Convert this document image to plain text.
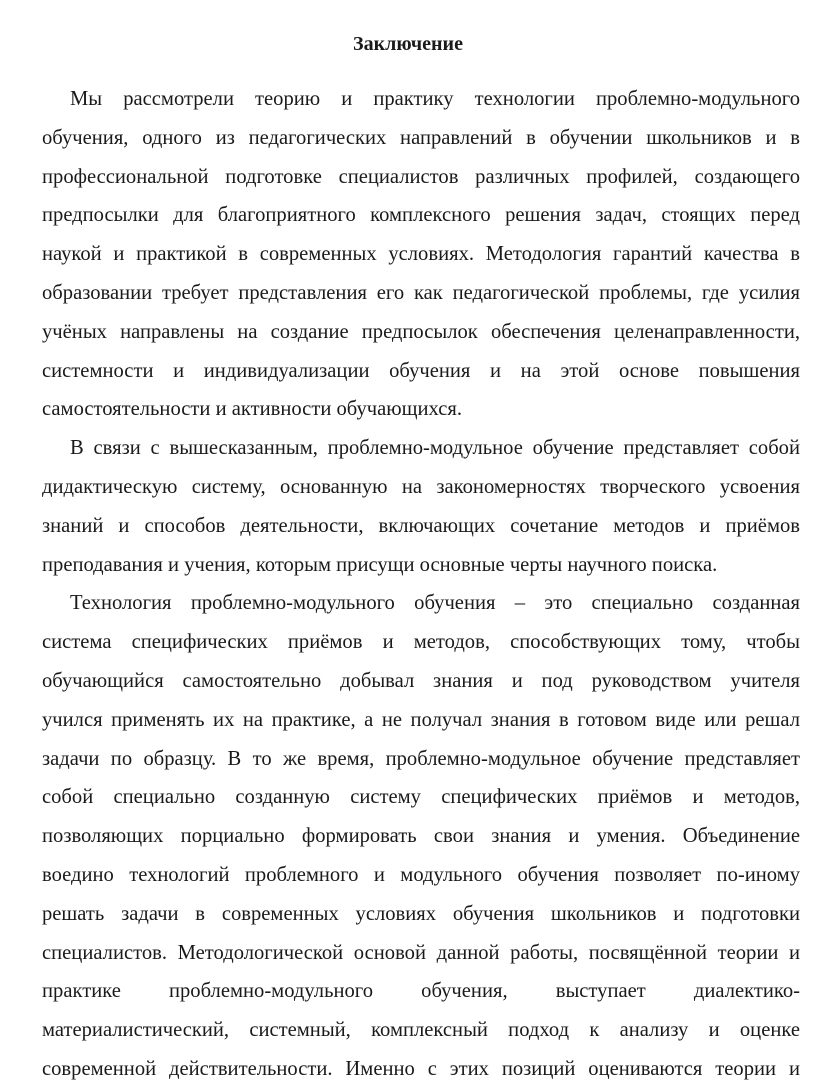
Заключение

Мы рассмотрели теорию и практику технологии проблемно-модульного
обучения, одного из педагогических направлений в обучении школьников и в
профессиональной подготовке специалистов различных профилей, создающего
предпосылки для благоприятного комплексного решения задач, стоящих перед
наукой и практикой в современных условиях. Методология гарантий качества в
образовании требует представления его как педагогической проблемы, где усилия
учёных направлены на создание предпосылок обеспечения целенаправленности,
системности и индивидуализации обучения и на этой основе повышения
самостоятельности и активности обучающихся.

В связи с вышесказанным, проблемно-модульное обучение представляет собой
дидактическую систему, основанную на закономерностях творческого усвоения
знаний и способов деятельности, включающих сочетание методов и приёмов
преподавания и учения, которым присущи основные черты научного поиска.

Технология проблемно-модульного обучения – это специально созданная
система специфических приёмов и методов, способствующих тому, чтобы
обучающийся самостоятельно добывал знания и под руководством учителя
учился применять их на практике, а не получал знания в готовом виде или решал
задачи по образцу. В то же время, проблемно-модульное обучение представляет
собой специально созданную систему специфических приёмов и методов,
позволяющих порциально формировать свои знания и умения. Объединение
воедино технологий проблемного и модульного обучения позволяет по-иному
решать задачи в современных условиях обучения школьников и подготовки
специалистов. Методологической основой данной работы, посвящённой теории и
практике проблемно-модульного обучения, выступает диалектико-
материалистический, системный, комплексный подход к анализу и оценке
современной действительности. Именно с этих позиций оцениваются теории и
